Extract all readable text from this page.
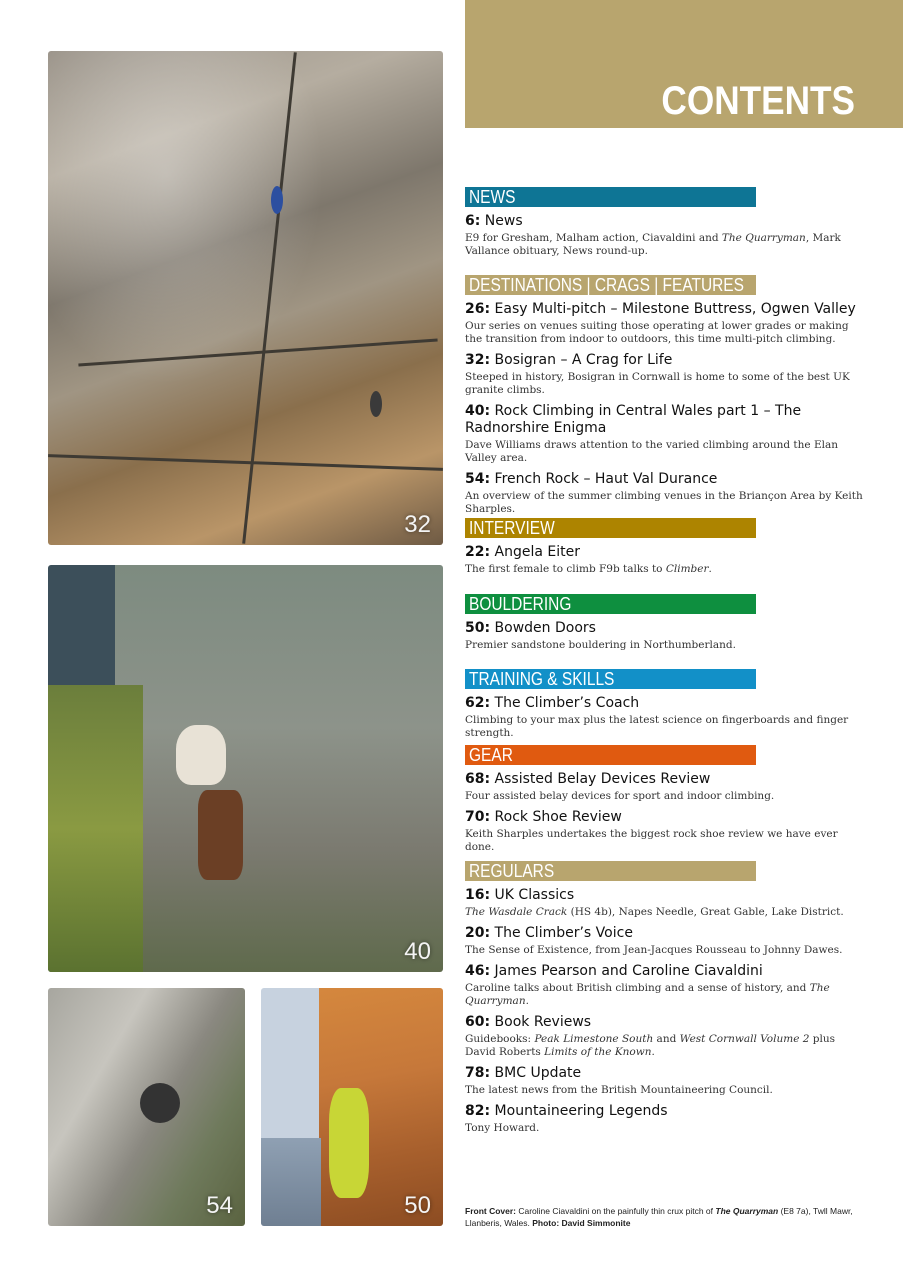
32
40
54	50
CONTENTS
NEWS
6: News
E9 for Gresham, Malham action, Ciavaldini and The Quarryman, Mark Vallance obituary, News round-up.
DESTINATIONS | CRAGS | FEATURES
26: Easy Multi-pitch – Milestone Buttress, Ogwen Valley
Our series on venues suiting those operating at lower grades or making the transition from indoor to outdoors, this time multi-pitch climbing.
32: Bosigran – A Crag for Life
Steeped in history, Bosigran in Cornwall is home to some of the best UK granite climbs.
40: Rock Climbing in Central Wales part 1 – The Radnorshire Enigma
Dave Williams draws attention to the varied climbing around the Elan Valley area.
54: French Rock – Haut Val Durance
An overview of the summer climbing venues in the Briançon Area by Keith Sharples.
INTERVIEW
22: Angela Eiter
The first female to climb F9b talks to Climber.
BOULDERING
50: Bowden Doors
Premier sandstone bouldering in Northumberland.
TRAINING & SKILLS
62: The Climber’s Coach
Climbing to your max plus the latest science on fingerboards and finger strength.
GEAR
68: Assisted Belay Devices Review
Four assisted belay devices for sport and indoor climbing.
70: Rock Shoe Review
Keith Sharples undertakes the biggest rock shoe review we have ever done.
REGULARS
16: UK Classics
The Wasdale Crack (HS 4b), Napes Needle, Great Gable, Lake District.
20: The Climber’s Voice
The Sense of Existence, from Jean-Jacques Rousseau to Johnny Dawes.
46: James Pearson and Caroline Ciavaldini
Caroline talks about British climbing and a sense of history, and The Quarryman.
60: Book Reviews
Guidebooks: Peak Limestone South and West Cornwall Volume 2 plus David Roberts Limits of the Known.
78: BMC Update
The latest news from the British Mountaineering Council.
82: Mountaineering Legends
Tony Howard.
Front Cover: Caroline Ciavaldini on the painfully thin crux pitch of The Quarryman (E8 7a), Twll Mawr, Llanberis, Wales. Photo: David Simmonite
